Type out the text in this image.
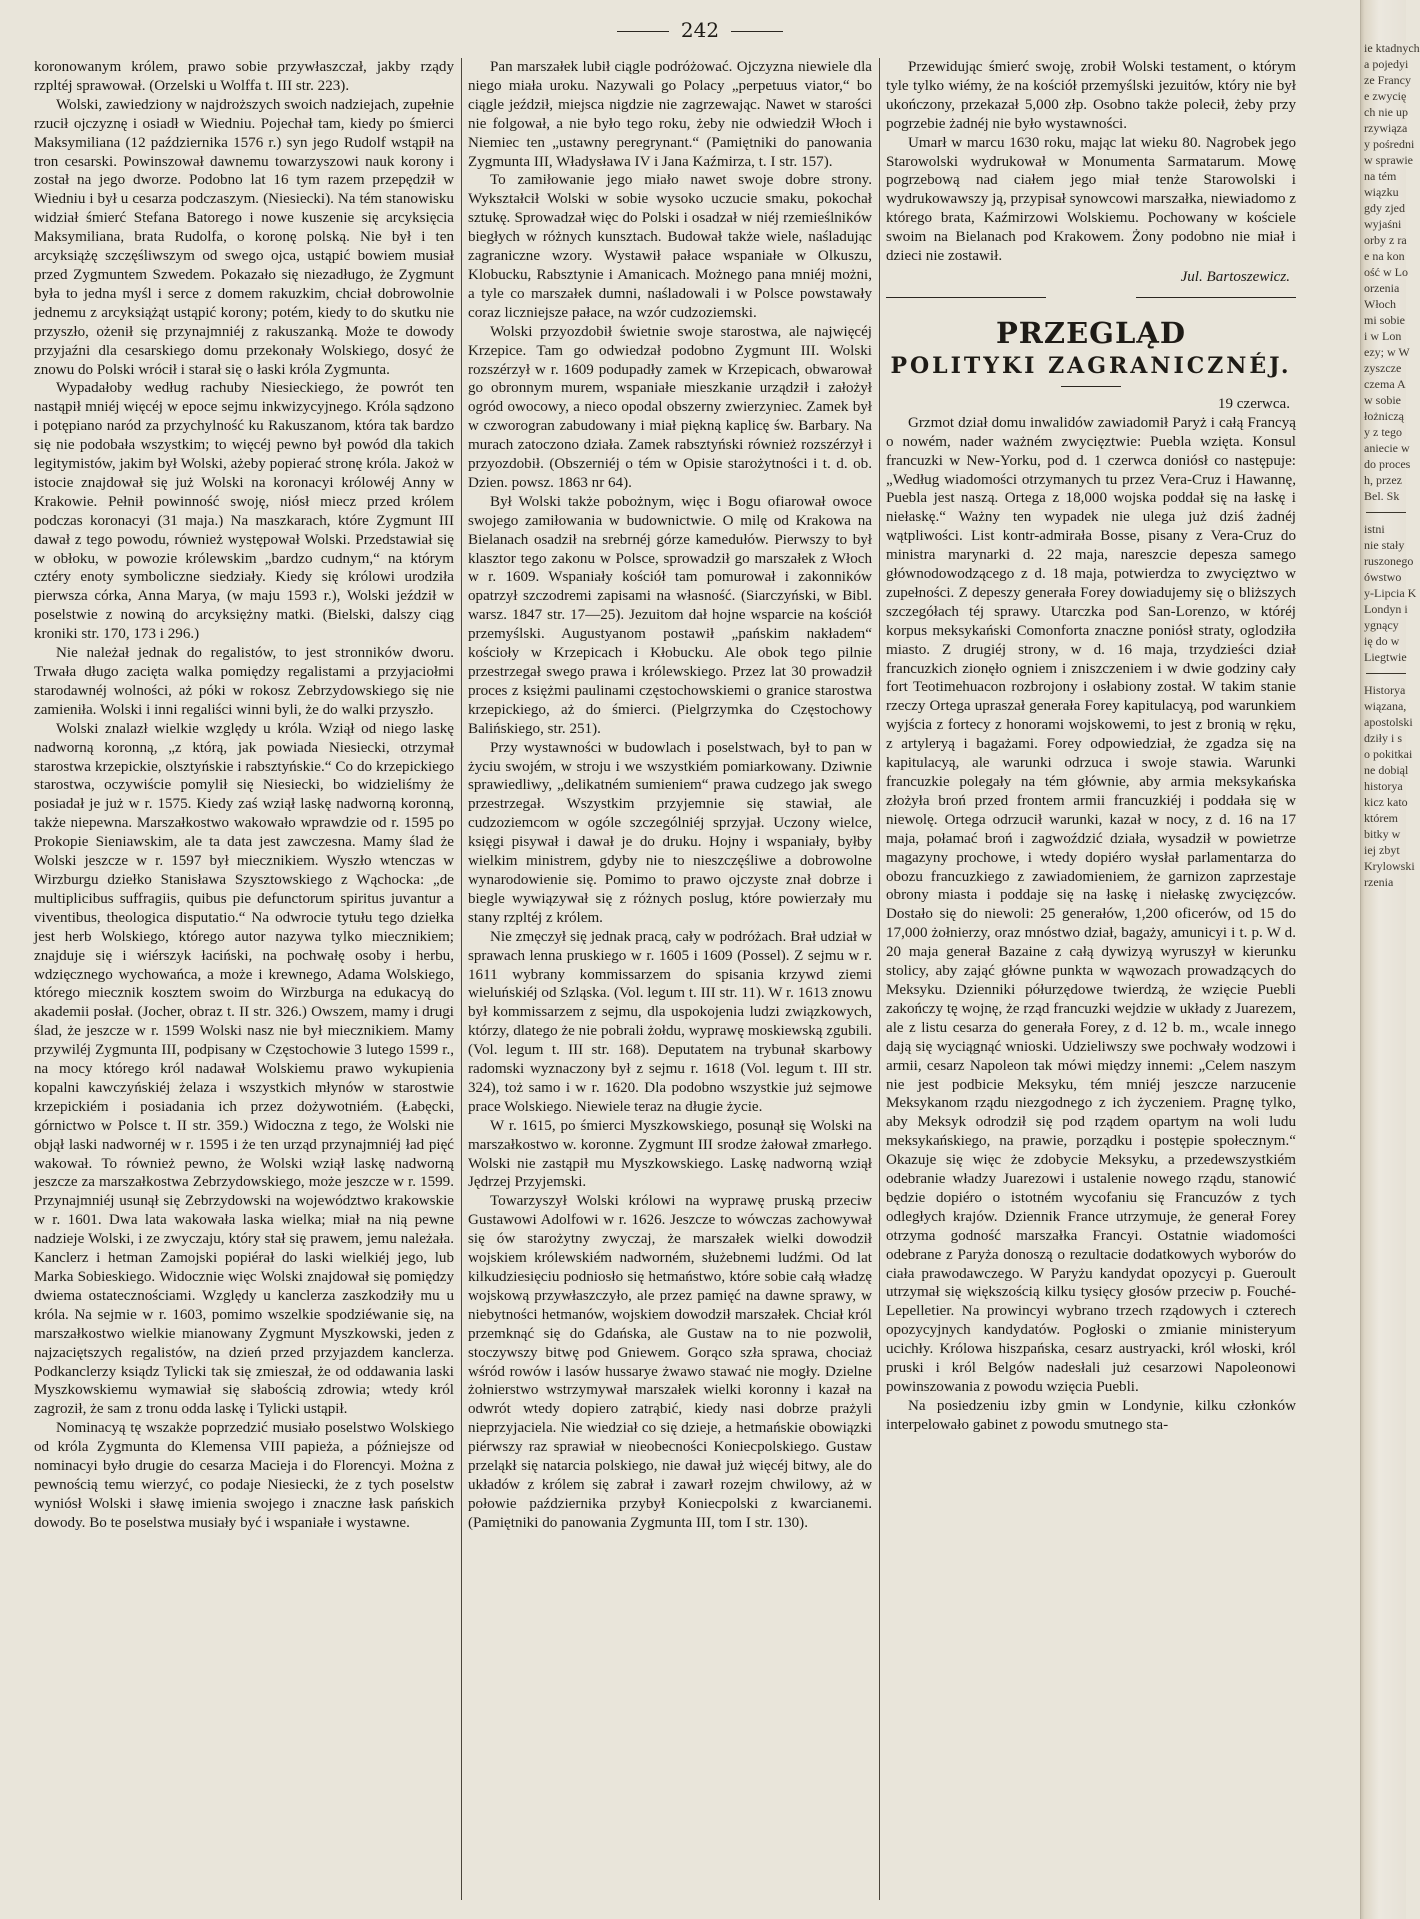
242

koronowanym królem, prawo sobie przywłaszczał, jakby rządy rzpltéj sprawował. (Orzelski u Wolffa t. III str. 223).

Wolski, zawiedziony w najdroższych swoich nadziejach, zupełnie rzucił ojczyznę i osiadł w Wiedniu. Pojechał tam, kiedy po śmierci Maksymiliana (12 października 1576 r.) syn jego Rudolf wstąpił na tron cesarski. Powinszował dawnemu towarzyszowi nauk korony i został na jego dworze. Podobno lat 16 tym razem przepędził w Wiedniu i był u cesarza podczaszym. (Niesiecki). Na tém stanowisku widział śmierć Stefana Batorego i nowe kuszenie się arcyksięcia Maksymiliana, brata Rudolfa, o koronę polską. Nie był i ten arcyksiążę szczęśliwszym od swego ojca, ustąpić bowiem musiał przed Zygmuntem Szwedem. Pokazało się niezadługo, że Zygmunt była to jedna myśl i serce z domem rakuzkim, chciał dobrowolnie jednemu z arcyksiążąt ustąpić korony; potém, kiedy to do skutku nie przyszło, ożenił się przynajmniéj z rakuszanką. Może te dowody przyjaźni dla cesarskiego domu przekonały Wolskiego, dosyć że znowu do Polski wrócił i starał się o łaski króla Zygmunta.

Wypadałoby według rachuby Niesieckiego, że powrót ten nastąpił mniéj więcéj w epoce sejmu inkwizycyjnego. Króla sądzono i potępiano naród za przychylność ku Rakuszanom, która tak bardzo się nie podobała wszystkim; to więcéj pewno był powód dla takich legitymistów, jakim był Wolski, ażeby popierać stronę króla. Jakoż w istocie znajdował się już Wolski na koronacyi królowéj Anny w Krakowie. Pełnił powinność swoję, niósł miecz przed królem podczas koronacyi (31 maja.) Na maszkarach, które Zygmunt III dawał z tego powodu, również występował Wolski. Przedstawiał się w obłoku, w powozie królewskim „bardzo cudnym,“ na którym cztéry enoty symboliczne siedziały. Kiedy się królowi urodziła pierwsza córka, Anna Marya, (w maju 1593 r.), Wolski jeździł w poselstwie z nowiną do arcyksiężny matki. (Bielski, dalszy ciąg kroniki str. 170, 173 i 296.)

Nie należał jednak do regalistów, to jest stronników dworu. Trwała długo zacięta walka pomiędzy regalistami a przyjaciołmi starodawnéj wolności, aż póki w rokosz Zebrzydowskiego się nie zamieniła. Wolski i inni regaliści winni byli, że do walki przyszło.

Wolski znalazł wielkie względy u króla. Wziął od niego laskę nadworną koronną, „z którą, jak powiada Niesiecki, otrzymał starostwa krzepickie, olsztyńskie i rabsztyńskie.“ Co do krzepickiego starostwa, oczywiście pomylił się Niesiecki, bo widzieliśmy że posiadał je już w r. 1575. Kiedy zaś wziął laskę nadworną koronną, także niepewna. Marszałkostwo wakowało wprawdzie od r. 1595 po Prokopie Sieniawskim, ale ta data jest zawczesna. Mamy ślad że Wolski jeszcze w r. 1597 był miecznikiem. Wyszło wtenczas w Wirzburgu dziełko Stanisława Szysztowskiego z Wąchocka: „de multiplicibus suffragiis, quibus pie defunctorum spiritus juvantur a viventibus, theologica disputatio.“ Na odwrocie tytułu tego dziełka jest herb Wolskiego, którego autor nazywa tylko miecznikiem; znajduje się i wiérszyk łaciński, na pochwałę osoby i herbu, wdzięcznego wychowańca, a może i krewnego, Adama Wolskiego, którego miecznik kosztem swoim do Wirzburga na edukacyą do akademii posłał. (Jocher, obraz t. II str. 326.) Owszem, mamy i drugi ślad, że jeszcze w r. 1599 Wolski nasz nie był miecznikiem. Mamy przywiléj Zygmunta III, podpisany w Częstochowie 3 lutego 1599 r., na mocy którego król nadawał Wolskiemu prawo wykupienia kopalni kawczyńskiéj żelaza i wszystkich młynów w starostwie krzepickiém i posiadania ich przez dożywotniém. (Łabęcki, górnictwo w Polsce t. II str. 359.) Widoczna z tego, że Wolski nie objął laski nadwornéj w r. 1595 i że ten urząd przynajmniéj ład pięć wakował. To również pewno, że Wolski wziął laskę nadworną jeszcze za marszałkostwa Zebrzydowskiego, może jeszcze w r. 1599. Przynajmniéj usunął się Zebrzydowski na województwo krakowskie w r. 1601. Dwa lata wakowała laska wielka; miał na nią pewne nadzieje Wolski, i ze zwyczaju, który stał się prawem, jemu należała. Kanclerz i hetman Zamojski popiérał do laski wielkiéj jego, lub Marka Sobieskiego. Widocznie więc Wolski znajdował się pomiędzy dwiema ostatecznościami. Względy u kanclerza zaszkodziły mu u króla. Na sejmie w r. 1603, pomimo wszelkie spodziéwanie się, na marszałkostwo wielkie mianowany Zygmunt Myszkowski, jeden z najzaciętszych regalistów, na dzień przed przyjazdem kanclerza. Podkanclerzy ksiądz Tylicki tak się zmieszał, że od oddawania laski Myszkowskiemu wymawiał się słabością zdrowia; wtedy król zagroził, że sam z tronu odda laskę i Tylicki ustąpił.

Nominacyą tę wszakże poprzedzić musiało poselstwo Wolskiego od króla Zygmunta do Klemensa VIII papieża, a późniejsze od nominacyi było drugie do cesarza Macieja i do Florencyi. Można z pewnością temu wierzyć, co podaje Niesiecki, że z tych poselstw wyniósł Wolski i sławę imienia swojego i znaczne łask pańskich dowody. Bo te poselstwa musiały być i wspaniałe i wystawne.

Pan marszałek lubił ciągle podróżować. Ojczyzna niewiele dla niego miała uroku. Nazywali go Polacy „perpetuus viator,“ bo ciągle jeździł, miejsca nigdzie nie zagrzewając. Nawet w starości nie folgował, a nie było tego roku, żeby nie odwiedził Włoch i Niemiec ten „ustawny peregrynant.“ (Pamiętniki do panowania Zygmunta III, Władysława IV i Jana Kaźmirza, t. I str. 157).

To zamiłowanie jego miało nawet swoje dobre strony. Wykształcił Wolski w sobie wysoko uczucie smaku, pokochał sztukę. Sprowadzał więc do Polski i osadzał w niéj rzemieślników biegłych w różnych kunsztach. Budował także wiele, naśladując zagraniczne wzory. Wystawił pałace wspaniałe w Olkuszu, Klobucku, Rabsztynie i Amanicach. Możnego pana mniéj możni, a tyle co marszałek dumni, naśladowali i w Polsce powstawały coraz liczniejsze pałace, na wzór cudzoziemski.

Wolski przyozdobił świetnie swoje starostwa, ale najwięcéj Krzepice. Tam go odwiedzał podobno Zygmunt III. Wolski rozszérzył w r. 1609 podupadły zamek w Krzepicach, obwarował go obronnym murem, wspaniałe mieszkanie urządził i założył ogród owocowy, a nieco opodal obszerny zwierzyniec. Zamek był w czworogran zabudowany i miał piękną kaplicę św. Barbary. Na murach zatoczono działa. Zamek rabsztyński również rozszérzył i przyozdobił. (Obszerniéj o tém w Opisie starożytności i t. d. ob. Dzien. powsz. 1863 nr 64).

Był Wolski także pobożnym, więc i Bogu ofiarował owoce swojego zamiłowania w budownictwie. O milę od Krakowa na Bielanach osadził na srebrnéj górze kamedułów. Pierwszy to był klasztor tego zakonu w Polsce, sprowadził go marszałek z Włoch w r. 1609. Wspaniały kościół tam pomurował i zakonników opatrzył szczodremi zapisami na własność. (Siarczyński, w Bibl. warsz. 1847 str. 17—25). Jezuitom dał hojne wsparcie na kościół przemyślski. Augustyanom postawił „pańskim nakładem“ kościoły w Krzepicach i Kłobucku. Ale obok tego pilnie przestrzegał swego prawa i królewskiego. Przez lat 30 prowadził proces z księżmi paulinami częstochowskiemi o granice starostwa krzepickiego, aż do śmierci. (Pielgrzymka do Częstochowy Balińskiego, str. 251).

Przy wystawności w budowlach i poselstwach, był to pan w życiu swojém, w stroju i we wszystkiém pomiarkowany. Dziwnie sprawiedliwy, „delikatném sumieniem“ prawa cudzego jak swego przestrzegał. Wszystkim przyjemnie się stawiał, ale cudzoziemcom w ogóle szczególniéj sprzyjał. Uczony wielce, księgi pisywał i dawał je do druku. Hojny i wspaniały, byłby wielkim ministrem, gdyby nie to nieszczęśliwe a dobrowolne wynarodowienie się. Pomimo to prawo ojczyste znał dobrze i biegle wywiązywał się z różnych poslug, które powierzały mu stany rzpltéj z królem.

Nie zmęczył się jednak pracą, cały w podróżach. Brał udział w sprawach lenna pruskiego w r. 1605 i 1609 (Possel). Z sejmu w r. 1611 wybrany kommissarzem do spisania krzywd ziemi wieluńskiéj od Szląska. (Vol. legum t. III str. 11). W r. 1613 znowu był kommissarzem z sejmu, dla uspokojenia ludzi związkowych, którzy, dlatego że nie pobrali żołdu, wyprawę moskiewską zgubili. (Vol. legum t. III str. 168). Deputatem na trybunał skarbowy radomski wyznaczony był z sejmu r. 1618 (Vol. legum t. III str. 324), toż samo i w r. 1620. Dla podobno wszystkie już sejmowe prace Wolskiego. Niewiele teraz na długie życie.

W r. 1615, po śmierci Myszkowskiego, posunął się Wolski na marszałkostwo w. koronne. Zygmunt III srodze żałował zmarłego. Wolski nie zastąpił mu Myszkowskiego. Laskę nadworną wziął Jędrzej Przyjemski.

Towarzyszył Wolski królowi na wyprawę pruską przeciw Gustawowi Adolfowi w r. 1626. Jeszcze to wówczas zachowywał się ów starożytny zwyczaj, że marszałek wielki dowodził wojskiem królewskiém nadworném, służebnemi ludźmi. Od lat kilkudziesięciu podniosło się hetmaństwo, które sobie całą władzę wojskową przywłaszczyło, ale przez pamięć na dawne sprawy, w niebytności hetmanów, wojskiem dowodził marszałek. Chciał król przemknąć się do Gdańska, ale Gustaw na to nie pozwolił, stoczywszy bitwę pod Gniewem. Gorąco szła sprawa, chociaż wśród rowów i lasów hussarye żwawo stawać nie mogły. Dzielne żołnierstwo wstrzymywał marszałek wielki koronny i kazał na odwrót wtedy dopiero zatrąbić, kiedy nasi dobrze prażyli nieprzyjaciela. Nie wiedział co się dzieje, a hetmańskie obowiązki piérwszy raz sprawiał w nieobecności Koniecpolskiego. Gustaw przeląkł się natarcia polskiego, nie dawał już więcéj bitwy, ale do układów z królem się zabrał i zawarł rozejm chwilowy, aż w połowie października przybył Koniecpolski z kwarcianemi. (Pamiętniki do panowania Zygmunta III, tom I str. 130).

Przewidując śmierć swoję, zrobił Wolski testament, o którym tyle tylko wiémy, że na kościół przemyślski jezuitów, który nie był ukończony, przekazał 5,000 złp. Osobno także polecił, żeby przy pogrzebie żadnéj nie było wystawności.

Umarł w marcu 1630 roku, mając lat wieku 80. Nagrobek jego Starowolski wydrukował w Monumenta Sarmatarum. Mowę pogrzebową nad ciałem jego miał tenże Starowolski i wydrukowawszy ją, przypisał synowcowi marszałka, niewiadomo z którego brata, Kaźmirzowi Wolskiemu. Pochowany w kościele swoim na Bielanach pod Krakowem. Żony podobno nie miał i dzieci nie zostawił.

Jul. Bartoszewicz.
PRZEGLĄD
POLITYKI ZAGRANICZNÉJ.
19 czerwca.

Grzmot dział domu inwalidów zawiadomił Paryż i całą Francyą o nowém, nader ważném zwycięztwie: Puebla wzięta. Konsul francuzki w New-Yorku, pod d. 1 czerwca doniósł co następuje: „Według wiadomości otrzymanych tu przez Vera-Cruz i Hawannę, Puebla jest naszą. Ortega z 18,000 wojska poddał się na łaskę i niełaskę.“ Ważny ten wypadek nie ulega już dziś żadnéj wątpliwości. List kontr-admirała Bosse, pisany z Vera-Cruz do ministra marynarki d. 22 maja, nareszcie depesza samego głównodowodzącego z d. 18 maja, potwierdza to zwycięztwo w zupełności. Z depeszy generała Forey dowiadujemy się o bliższych szczegółach téj sprawy. Utarczka pod San-Lorenzo, w któréj korpus meksykański Comonforta znaczne poniósł straty, oglodziła miasto. Z drugiéj strony, w d. 16 maja, trzydzieści dział francuzkich zionęło ogniem i zniszczeniem i w dwie godziny cały fort Teotimehuacon rozbrojony i osłabiony został. W takim stanie rzeczy Ortega upraszał generała Forey kapitulacyą, pod warunkiem wyjścia z fortecy z honorami wojskowemi, to jest z bronią w ręku, z artyleryą i bagażami. Forey odpowiedział, że zgadza się na kapitulacyą, ale warunki odrzuca i swoje stawia. Warunki francuzkie polegały na tém głównie, aby armia meksykańska złożyła broń przed frontem armii francuzkiéj i poddała się w niewolę. Ortega odrzucił warunki, kazał w nocy, z d. 16 na 17 maja, połamać broń i zagwoździć działa, wysadził w powietrze magazyny prochowe, i wtedy dopiéro wysłał parlamentarza do obozu francuzkiego z zawiadomieniem, że garnizon zaprzestaje obrony miasta i poddaje się na łaskę i niełaskę zwycięzców. Dostało się do niewoli: 25 generałów, 1,200 oficerów, od 15 do 17,000 żołnierzy, oraz mnóstwo dział, bagaży, amunicyi i t. p. W d. 20 maja generał Bazaine z całą dywizyą wyruszył w kierunku stolicy, aby zająć główne punkta w wąwozach prowadzących do Meksyku. Dzienniki półurzędowe twierdzą, że wzięcie Puebli zakończy tę wojnę, że rząd francuzki wejdzie w układy z Juarezem, ale z listu cesarza do generała Forey, z d. 12 b. m., wcale innego dają się wyciągnąć wnioski. Udzieliwszy swe pochwały wodzowi i armii, cesarz Napoleon tak mówi między innemi: „Celem naszym nie jest podbicie Meksyku, tém mniéj jeszcze narzucenie Meksykanom rządu niezgodnego z ich życzeniem. Pragnę tylko, aby Meksyk odrodził się pod rządem opartym na woli ludu meksykańskiego, na prawie, porządku i postępie społecznym.“ Okazuje się więc że zdobycie Meksyku, a przedewszystkiém odebranie władzy Juarezowi i ustalenie nowego rządu, stanowić będzie dopiéro o istotném wycofaniu się Francuzów z tych odległych krajów. Dziennik France utrzymuje, że generał Forey otrzyma godność marszałka Francyi. Ostatnie wiadomości odebrane z Paryża donoszą o rezultacie dodatkowych wyborów do ciała prawodawczego. W Paryżu kandydat opozycyi p. Gueroult utrzymał się większością kilku tysięcy głosów przeciw p. Fouché-Lepelletier. Na prowincyi wybrano trzech rządowych i czterech opozycyjnych kandydatów. Pogłoski o zmianie ministeryum ucichły. Królowa hiszpańska, cesarz austryacki, król włoski, król pruski i król Belgów nadesłali już cesarzowi Napoleonowi powinszowania z powodu wzięcia Puebli.

Na posiedzeniu izby gmin w Londynie, kilku członków interpelowało gabinet z powodu smutnego sta-

ie ktadnych
a pojedyi
ze Francy
e zwycię
ch nie up
rzywiąza
y pośredni
w sprawie
na tém
wiązku
gdy zjed
wyjaśni
orby z ra
e na kon
ość w Lo
orzenia
Włoch
mi sobie
i w Lon
ezy; w W
zyszcze
czema A
w sobie
łożniczą
y z tego
aniecie w
do proces
h, przez
Bel. Sk
istni
nie stały
ruszonego
ówstwo
y-Lipcia K
Londyn i
ygnący
ię do w
Liegtwie
Historya
wiązana,
apostolski
dziły i s
o pokitkai
ne dobiąl
historya
kicz kato
którem
bitky w
iej zbyt
Krylowski
rzenia
